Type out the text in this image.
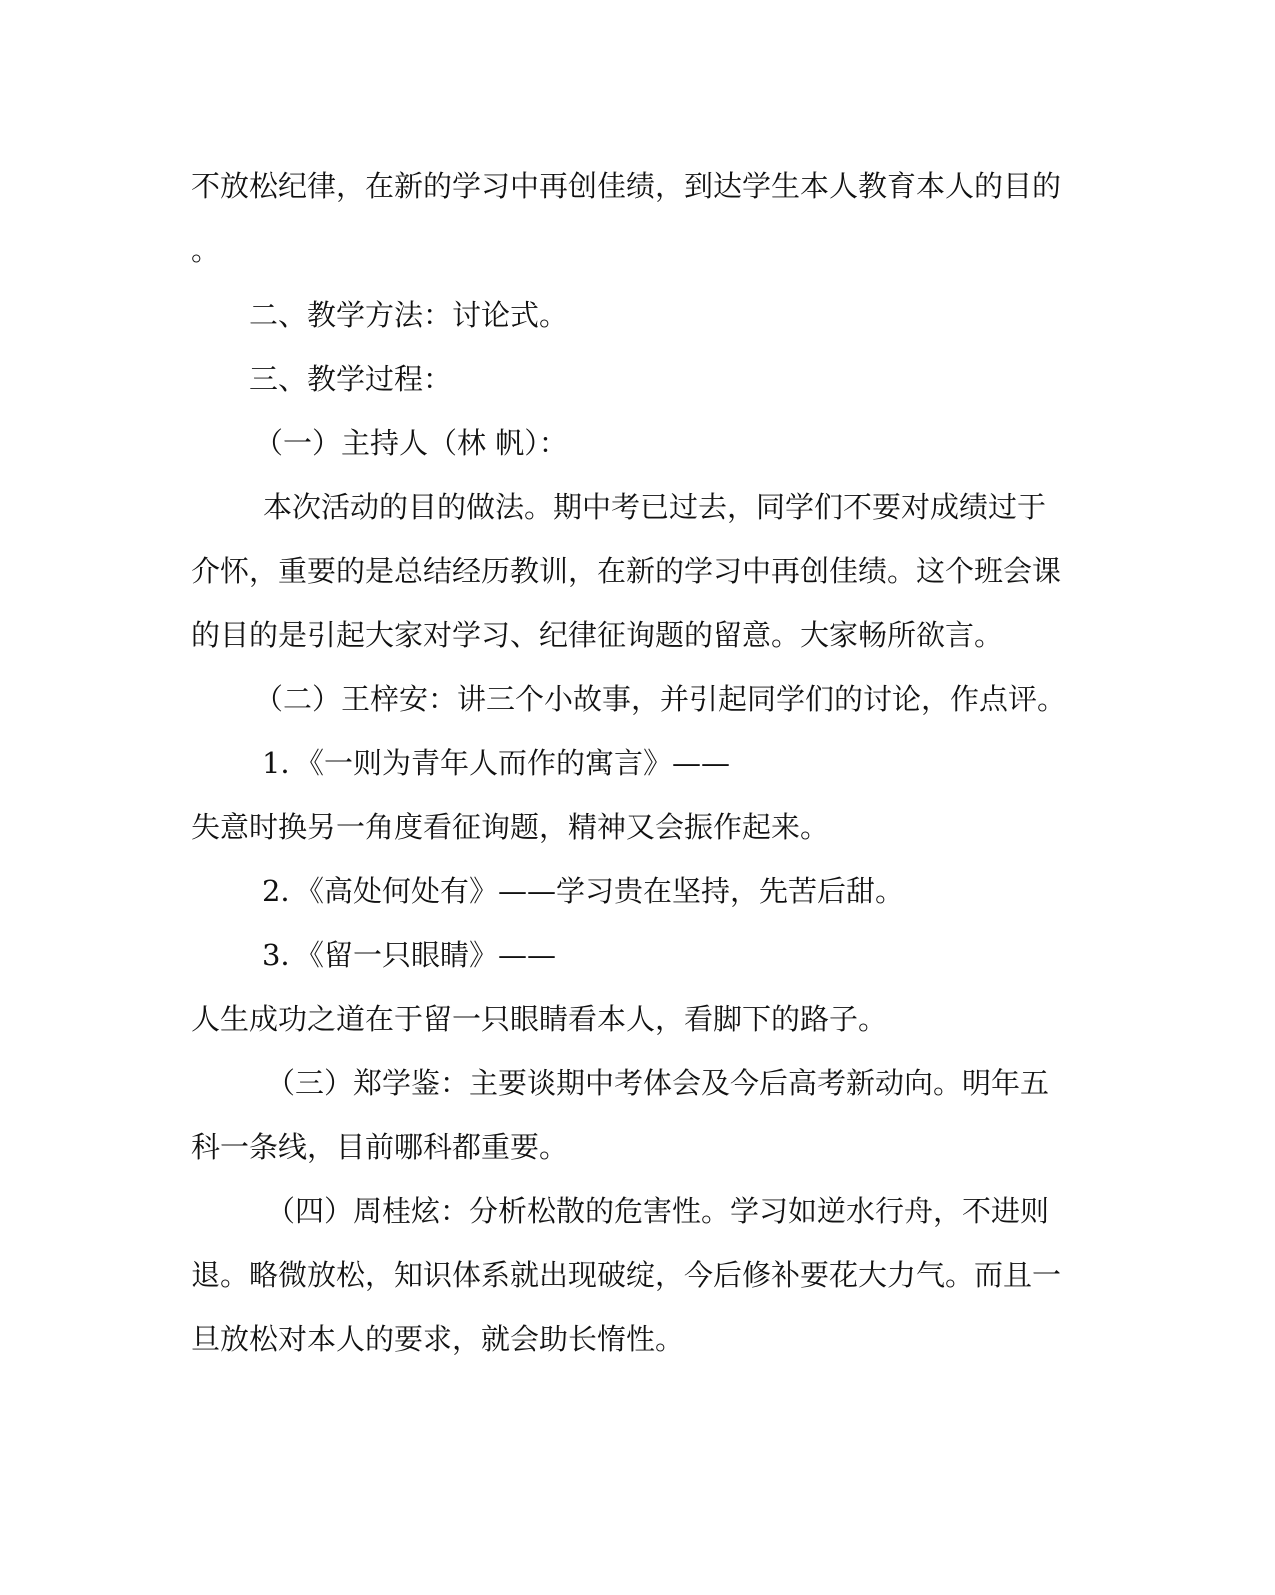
不放松纪律，在新的学习中再创佳绩，到达学生本人教育本人的目的
。
二、教学方法：讨论式。
三、教学过程：
（一）主持人（林 帆）：
本次活动的目的做法。期中考已过去，同学们不要对成绩过于
介怀，重要的是总结经历教训，在新的学习中再创佳绩。这个班会课
的目的是引起大家对学习、纪律征询题的留意。大家畅所欲言。
（二）王梓安：讲三个小故事，并引起同学们的讨论，作点评。
1．《一则为青年人而作的寓言》——
失意时换另一角度看征询题，精神又会振作起来。
2．《高处何处有》——学习贵在坚持，先苦后甜。
3．《留一只眼睛》——
人生成功之道在于留一只眼睛看本人，看脚下的路子。
（三）郑学鉴：主要谈期中考体会及今后高考新动向。明年五
科一条线，目前哪科都重要。
（四）周桂炫：分析松散的危害性。学习如逆水行舟，不进则
退。略微放松，知识体系就出现破绽，今后修补要花大力气。而且一
旦放松对本人的要求，就会助长惰性。
